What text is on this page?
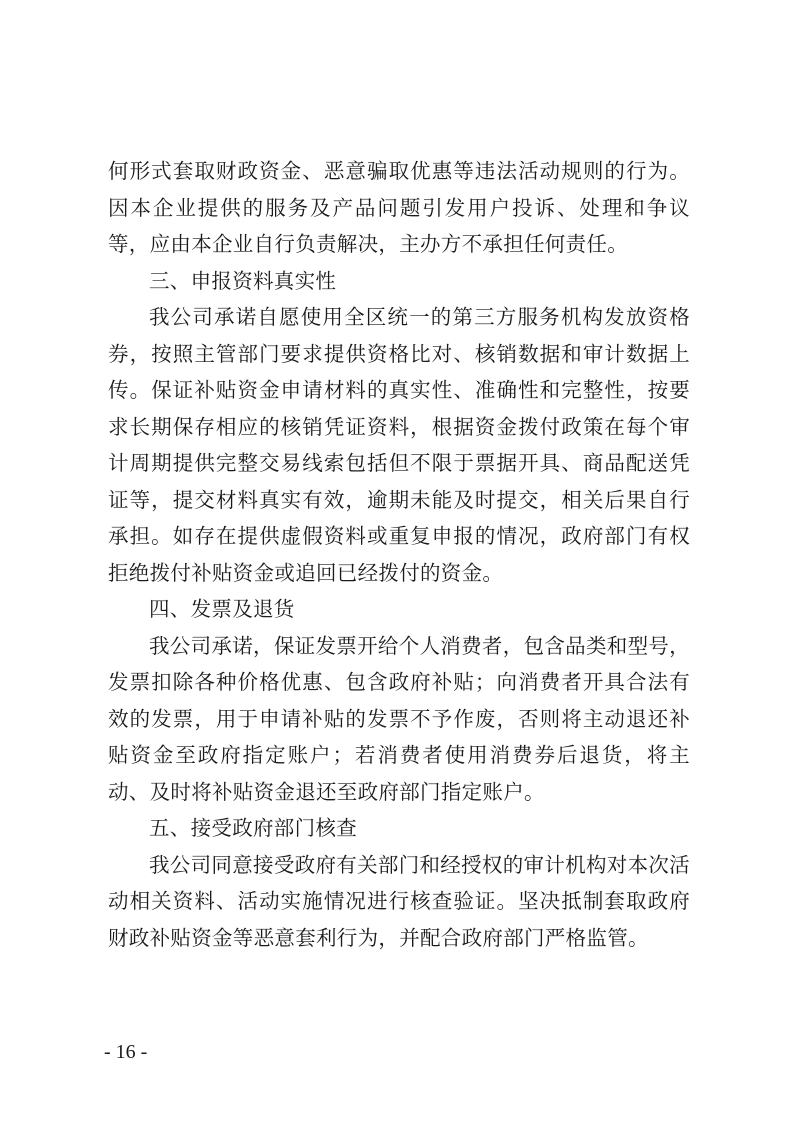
何形式套取财政资金、恶意骗取优惠等违法活动规则的行为。因本企业提供的服务及产品问题引发用户投诉、处理和争议等，应由本企业自行负责解决，主办方不承担任何责任。

三、申报资料真实性

我公司承诺自愿使用全区统一的第三方服务机构发放资格券，按照主管部门要求提供资格比对、核销数据和审计数据上传。保证补贴资金申请材料的真实性、准确性和完整性，按要求长期保存相应的核销凭证资料，根据资金拨付政策在每个审计周期提供完整交易线索包括但不限于票据开具、商品配送凭证等，提交材料真实有效，逾期未能及时提交，相关后果自行承担。如存在提供虚假资料或重复申报的情况，政府部门有权拒绝拨付补贴资金或追回已经拨付的资金。

四、发票及退货

我公司承诺，保证发票开给个人消费者，包含品类和型号，发票扣除各种价格优惠、包含政府补贴；向消费者开具合法有效的发票，用于申请补贴的发票不予作废，否则将主动退还补贴资金至政府指定账户；若消费者使用消费券后退货，将主动、及时将补贴资金退还至政府部门指定账户。

五、接受政府部门核查

我公司同意接受政府有关部门和经授权的审计机构对本次活动相关资料、活动实施情况进行核查验证。坚决抵制套取政府财政补贴资金等恶意套利行为，并配合政府部门严格监管。

- 16 -
